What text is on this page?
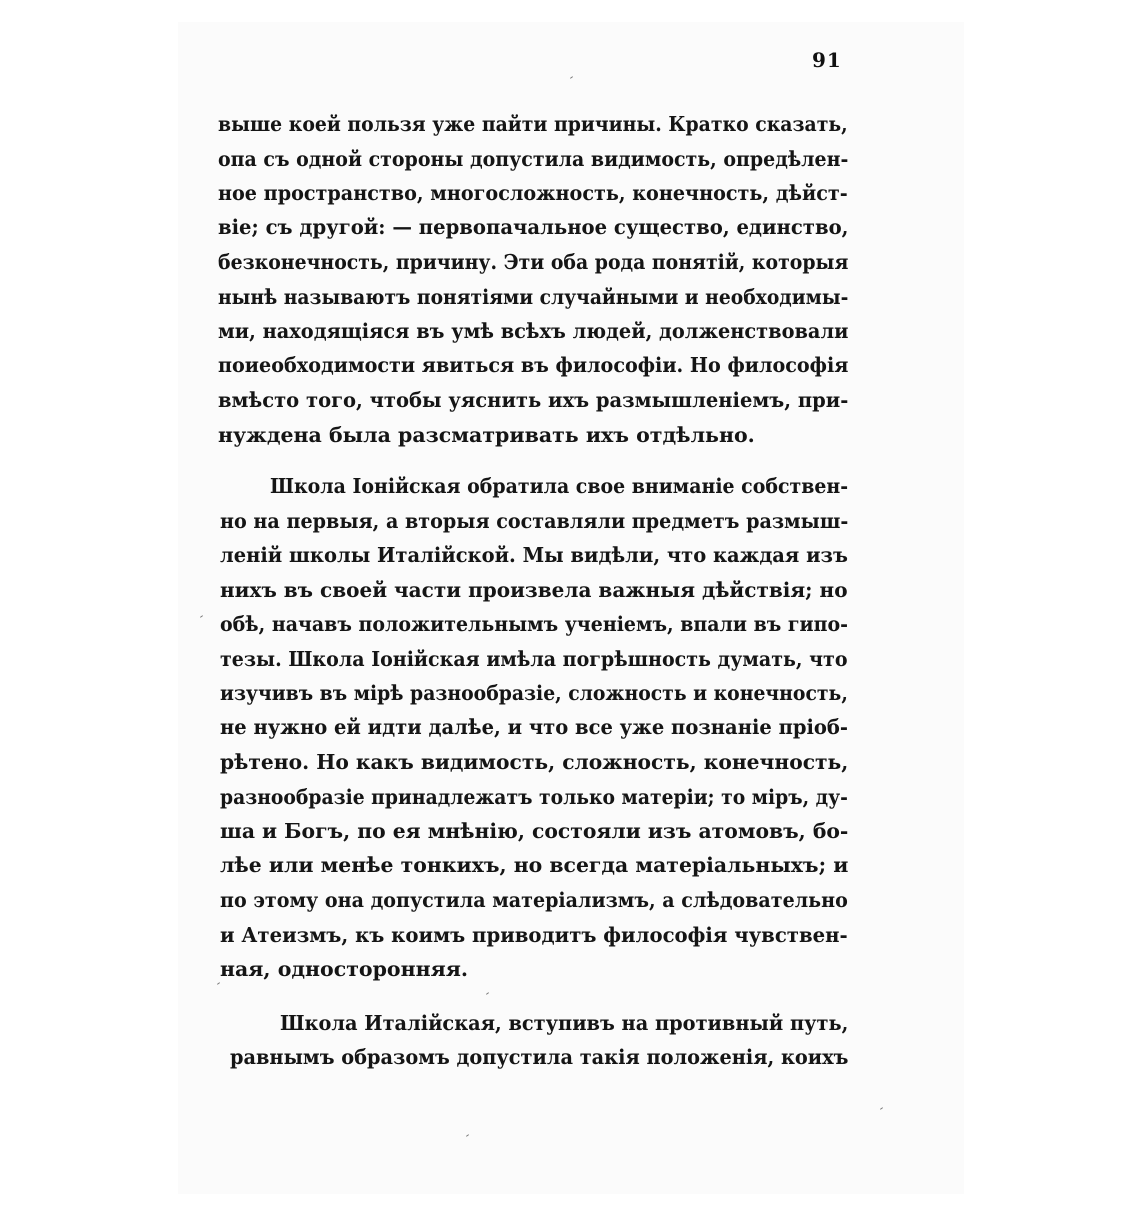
91
выше коей пользя уже пайти причины. Кратко сказать,
опа съ одной стороны допустила видимость, опредѣлен-
ное пространство, многосложность, конечность, дѣйст-
віе; съ другой: — первопачальное существо, единство,
безконечность, причину. Эти оба рода понятій, которыя
нынѣ называютъ понятіями случайными и необходимы-
ми, находящіяся въ умѣ всѣхъ людей, долженствовали
поиеобходимости явиться въ философіи. Но философія
вмѣсто того, чтобы уяснить ихъ размышленіемъ, при-
нуждена была разсматривать ихъ отдѣльно.
Школа Іонійская обратила свое вниманіе собствен-
но на первыя, а вторыя составляли предметъ размыш-
леній школы Италійской. Мы видѣли, что каждая изъ
нихъ въ своей части произвела важныя дѣйствія; но
обѣ, начавъ положительнымъ ученіемъ, впали въ гипо-
тезы. Школа Іонійская имѣла погрѣшность думать, что
изучивъ въ мірѣ разнообразіе, сложность и конечность,
не нужно ей идти далѣе, и что все уже познаніе пріоб-
рѣтено. Но какъ видимость, сложность, конечность,
разнообразіе принадлежатъ только матеріи; то міръ, ду-
ша и Богъ, по ея мнѣнію, состояли изъ атомовъ, бо-
лѣе или менѣе тонкихъ, но всегда матеріальныхъ; и
по этому она допустила матеріализмъ, а слѣдовательно
и Атеизмъ, къ коимъ приводитъ философія чувствен-
ная, односторонняя.
Школа Италійская, вступивъ на противный путь,
равнымъ образомъ допустила такія положенія, коихъ
